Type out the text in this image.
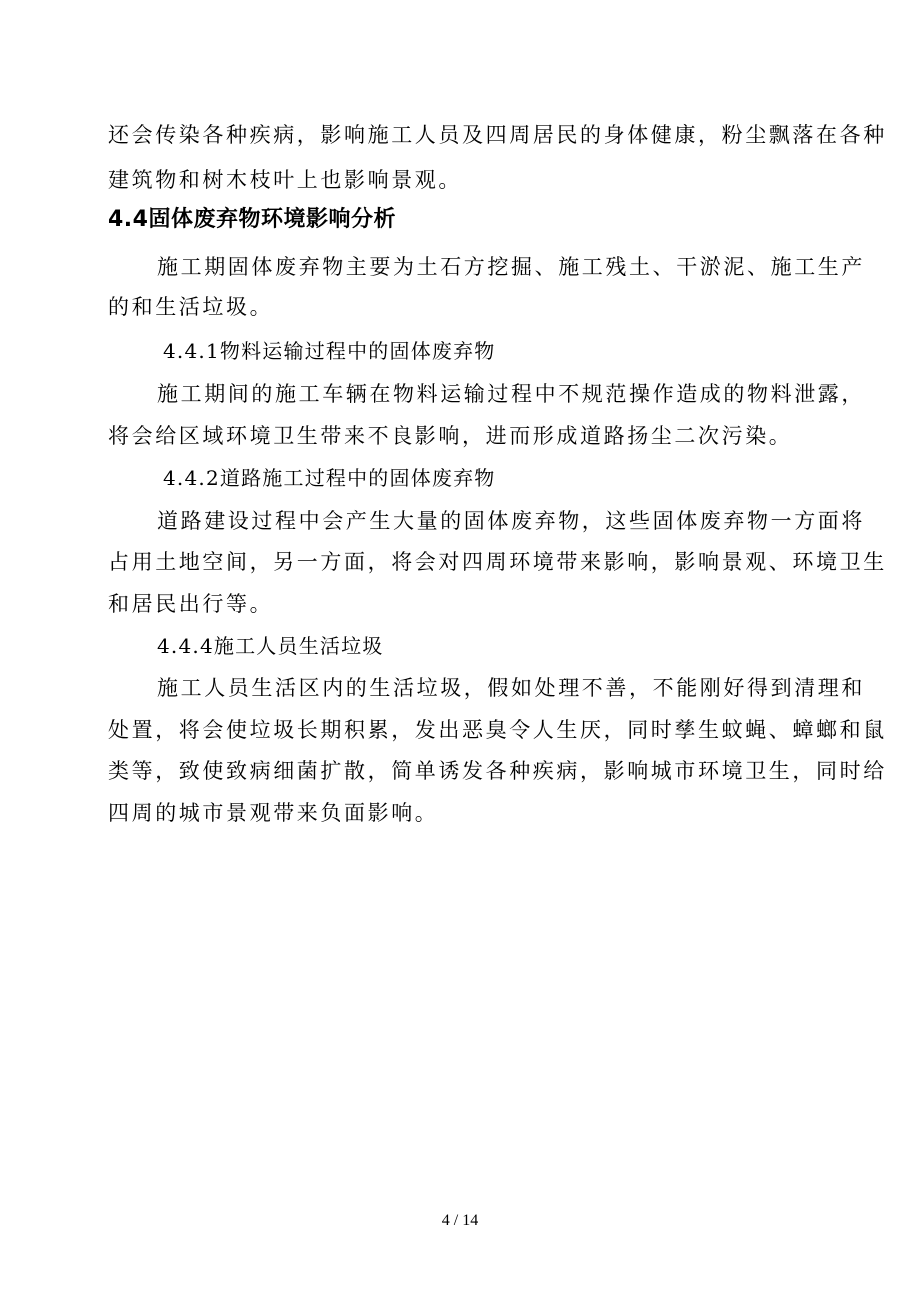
还会传染各种疾病，影响施工人员及四周居民的身体健康，粉尘飘落在各种
建筑物和树木枝叶上也影响景观。
4.4固体废弃物环境影响分析
施工期固体废弃物主要为土石方挖掘、施工残土、干淤泥、施工生产
的和生活垃圾。
4.4.1物料运输过程中的固体废弃物
施工期间的施工车辆在物料运输过程中不规范操作造成的物料泄露，
将会给区域环境卫生带来不良影响，进而形成道路扬尘二次污染。
4.4.2道路施工过程中的固体废弃物
道路建设过程中会产生大量的固体废弃物，这些固体废弃物一方面将
占用土地空间，另一方面，将会对四周环境带来影响，影响景观、环境卫生
和居民出行等。
4.4.4施工人员生活垃圾
施工人员生活区内的生活垃圾，假如处理不善，不能刚好得到清理和
处置，将会使垃圾长期积累，发出恶臭令人生厌，同时孳生蚊蝇、蟑螂和鼠
类等，致使致病细菌扩散，简单诱发各种疾病，影响城市环境卫生，同时给
四周的城市景观带来负面影响。
4 / 14
